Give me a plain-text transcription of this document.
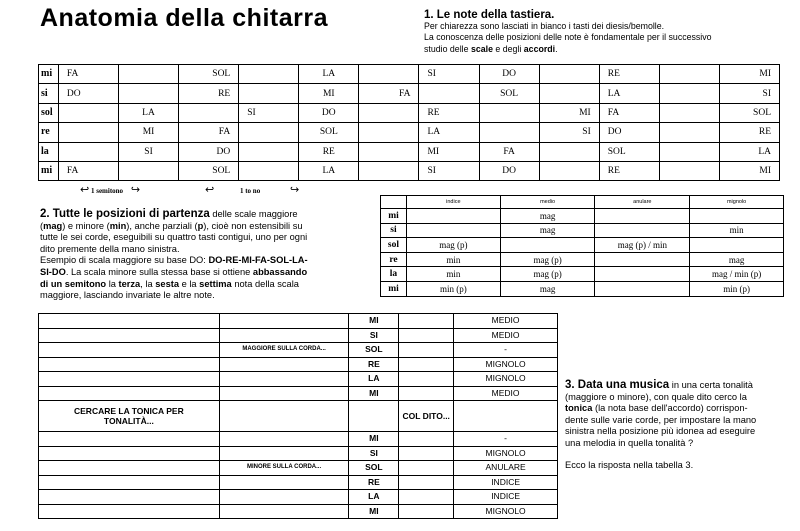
Anatomia della chitarra	1. Le note della tastiera.
Per chiarezza sono lasciati in bianco i tasti dei diesis/bemolle.
La conoscenza delle posizioni delle note è fondamentale per il successivo
studio delle scale e degli accordi.
mi	FA		SOL		LA		SI	DO		RE		MI
si	DO		RE		MI	FA		SOL		LA		SI
sol		LA		SI	DO		RE		MI	FA		SOL
re		MI	FA		SOL		LA		SI	DO		RE
la		SI	DO		RE		MI	FA		SOL		LA
mi	FA		SOL		LA		SI	DO		RE		MI
↩ 1 semitono ↪	↩	1 to no	↪
2. Tutte le posizioni di partenza delle scale maggiore
(mag) e minore (min), anche parziali (p), cioè non estensibili su
tutte le sei corde, eseguibili su quattro tasti contigui, uno per ogni
dito premente della mano sinistra.
Esempio di scala maggiore su base DO: DO-RE-MI-FA-SOL-LA-
SI-DO. La scala minore sulla stessa base si ottiene abbassando
di un semitono la terza, la sesta e la settima nota della scala
maggiore, lasciando invariate le altre note.
	indice	medio	anulare	mignolo
mi		mag		
si		mag		min
sol	mag (p)		mag (p) / min	
re	min	mag (p)		mag
la	min	mag (p)		mag / min (p)
mi	min (p)	mag		min (p)
		MI		MEDIO
		SI		MEDIO
	MAGGIORE SULLA CORDA...	SOL		-
		RE		MIGNOLO
		LA		MIGNOLO
		MI		MEDIO
CERCARE LA TONICA PER TONALITÀ...			COL DITO...	
		MI		-
		SI		MIGNOLO
	MINORE SULLA CORDA...	SOL		ANULARE
		RE		INDICE
		LA		INDICE
		MI		MIGNOLO
3. Data una musica in una certa tonalità
(maggiore o minore), con quale dito cerco la
tonica (la nota base dell'accordo) corrispon-
dente sulle varie corde, per impostare la mano
sinistra nella posizione più idonea ad eseguire
una melodia in quella tonalità ?

Ecco la risposta nella tabella 3.
